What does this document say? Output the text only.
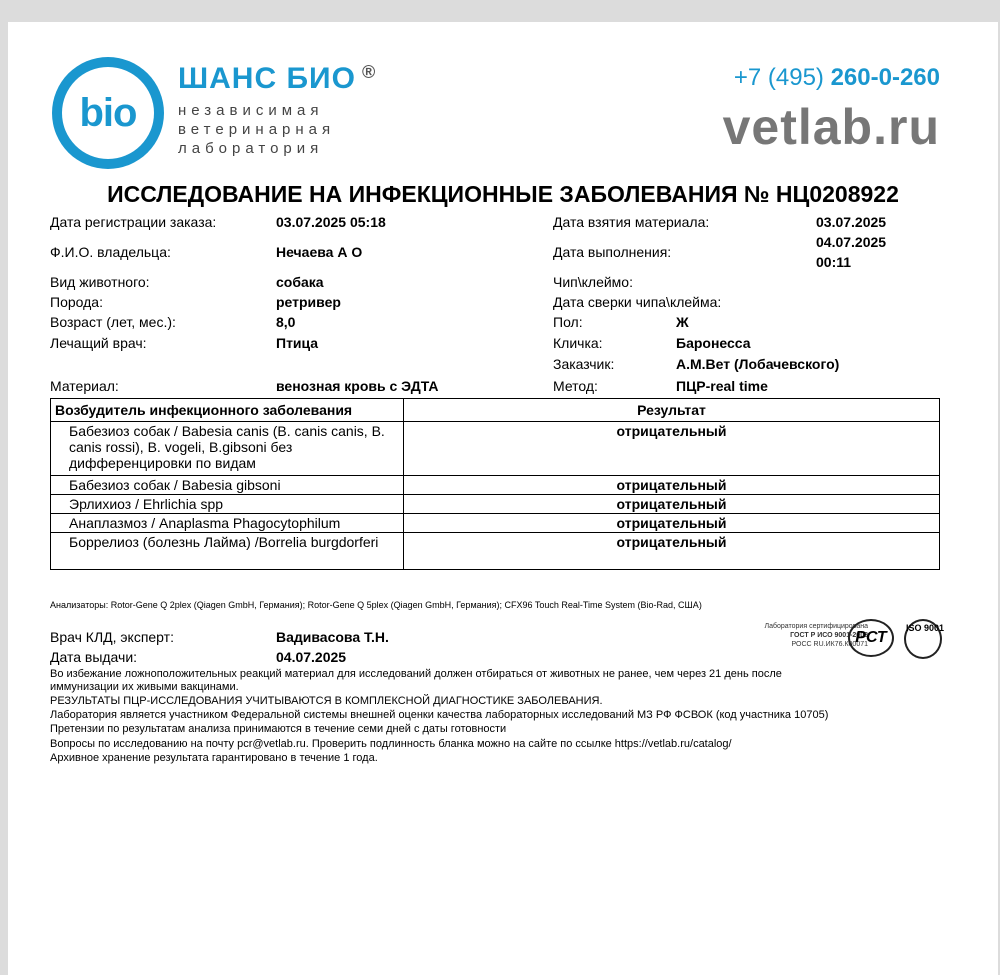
bio
ШАНС БИО ®
независимая
ветеринарная
лаборатория
+7 (495) 260-0-260
vetlab.ru
ИССЛЕДОВАНИЕ НА ИНФЕКЦИОННЫЕ ЗАБОЛЕВАНИЯ № НЦ0208922
Дата регистрации заказа:	03.07.2025 05:18
Ф.И.О. владельца:	Нечаева А О
Вид животного:	собака
Порода:	ретривер
Возраст (лет, мес.):	8,0
Лечащий врач:	Птица
Материал:	венозная кровь с ЭДТА
Дата взятия материала:	03.07.2025
Дата выполнения:
04.07.2025
00:11
Чип\клеймо:
Дата сверки чипа\клейма:
Пол:	Ж
Кличка:	Баронесса
Заказчик:	А.М.Вет (Лобачевского)
Метод:	ПЦР-real time
Возбудитель инфекционного заболевания	Результат
Бабезиоз собак / Babesia canis (B. canis canis, B. canis rossi), B. vogeli, B.gibsoni без дифференцировки по видам	отрицательный
Бабезиоз собак / Babesia gibsoni	отрицательный
Эрлихиоз / Ehrlichia spp	отрицательный
Анаплазмоз / Anaplasma Phagocytophilum	отрицательный
Боррелиоз (болезнь Лайма) /Borrelia burgdorferi	отрицательный
Анализаторы: Rotor-Gene Q 2plex (Qiagen GmbH, Германия); Rotor-Gene Q 5plex (Qiagen GmbH, Германия); CFX96 Touch Real-Time System (Bio-Rad, США)
Врач КЛД, эксперт:	Вадивасова Т.Н.
Дата выдачи:	04.07.2025
Лаборатория сертифицирована
ГОСТ Р ИСО 9001-2008
РОСС RU.ИК76.К00071
РСТ
ISO 9001
Во избежание ложноположительных реакций материал для исследований должен отбираться от животных не ранее, чем через 21 день после
иммунизации их живыми вакцинами.
РЕЗУЛЬТАТЫ ПЦР-ИССЛЕДОВАНИЯ УЧИТЫВАЮТСЯ В КОМПЛЕКСНОЙ ДИАГНОСТИКЕ ЗАБОЛЕВАНИЯ.
Лаборатория является участником Федеральной системы внешней оценки качества лабораторных исследований МЗ РФ ФСВОК (код участника 10705)
Претензии по результатам анализа принимаются в течение семи дней с даты готовности
Вопросы по исследованию на почту pcr@vetlab.ru. Проверить подлинность бланка можно на сайте по ссылке https://vetlab.ru/catalog/
Архивное хранение результата гарантировано в течение 1 года.
